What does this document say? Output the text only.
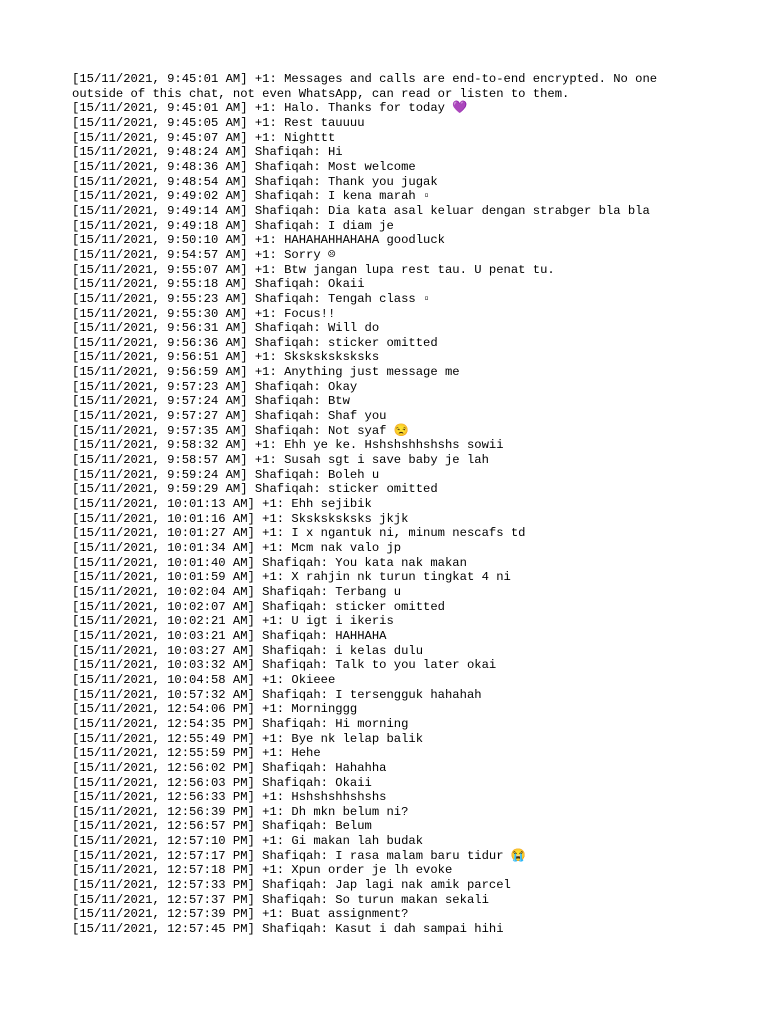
[15/11/2021, 9:45:01 AM] +1: Messages and calls are end-to-end encrypted. No one outside of this chat, not even WhatsApp, can read or listen to them.
[15/11/2021, 9:45:01 AM] +1: Halo. Thanks for today 💜
[15/11/2021, 9:45:05 AM] +1: Rest tauuuu
[15/11/2021, 9:45:07 AM] +1: Nighttt
[15/11/2021, 9:48:24 AM] Shafiqah: Hi
[15/11/2021, 9:48:36 AM] Shafiqah: Most welcome
[15/11/2021, 9:48:54 AM] Shafiqah: Thank you jugak
[15/11/2021, 9:49:02 AM] Shafiqah: I kena marah ▫
[15/11/2021, 9:49:14 AM] Shafiqah: Dia kata asal keluar dengan strabger bla bla
[15/11/2021, 9:49:18 AM] Shafiqah: I diam je
[15/11/2021, 9:50:10 AM] +1: HAHAHAHHAHAHA goodluck
[15/11/2021, 9:54:57 AM] +1: Sorry ☹
[15/11/2021, 9:55:07 AM] +1: Btw jangan lupa rest tau. U penat tu.
[15/11/2021, 9:55:18 AM] Shafiqah: Okaii
[15/11/2021, 9:55:23 AM] Shafiqah: Tengah class ▫
[15/11/2021, 9:55:30 AM] +1: Focus!!
[15/11/2021, 9:56:31 AM] Shafiqah: Will do
[15/11/2021, 9:56:36 AM] Shafiqah: sticker omitted
[15/11/2021, 9:56:51 AM] +1: Sksksksksksks
[15/11/2021, 9:56:59 AM] +1: Anything just message me
[15/11/2021, 9:57:23 AM] Shafiqah: Okay
[15/11/2021, 9:57:24 AM] Shafiqah: Btw
[15/11/2021, 9:57:27 AM] Shafiqah: Shaf you
[15/11/2021, 9:57:35 AM] Shafiqah: Not syaf 😒
[15/11/2021, 9:58:32 AM] +1: Ehh ye ke. Hshshshhshshs sowii
[15/11/2021, 9:58:57 AM] +1: Susah sgt i save baby je lah
[15/11/2021, 9:59:24 AM] Shafiqah: Boleh u
[15/11/2021, 9:59:29 AM] Shafiqah: sticker omitted
[15/11/2021, 10:01:13 AM] +1: Ehh sejibik
[15/11/2021, 10:01:16 AM] +1: Sksksksksks jkjk
[15/11/2021, 10:01:27 AM] +1: I x ngantuk ni, minum nescafs td
[15/11/2021, 10:01:34 AM] +1: Mcm nak valo jp
[15/11/2021, 10:01:40 AM] Shafiqah: You kata nak makan
[15/11/2021, 10:01:59 AM] +1: X rahjin nk turun tingkat 4 ni
[15/11/2021, 10:02:04 AM] Shafiqah: Terbang u
[15/11/2021, 10:02:07 AM] Shafiqah: sticker omitted
[15/11/2021, 10:02:21 AM] +1: U igt i ikeris
[15/11/2021, 10:03:21 AM] Shafiqah: HAHHAHA
[15/11/2021, 10:03:27 AM] Shafiqah: i kelas dulu
[15/11/2021, 10:03:32 AM] Shafiqah: Talk to you later okai
[15/11/2021, 10:04:58 AM] +1: Okieee
[15/11/2021, 10:57:32 AM] Shafiqah: I tersengguk hahahah
[15/11/2021, 12:54:06 PM] +1: Morninggg
[15/11/2021, 12:54:35 PM] Shafiqah: Hi morning
[15/11/2021, 12:55:49 PM] +1: Bye nk lelap balik
[15/11/2021, 12:55:59 PM] +1: Hehe
[15/11/2021, 12:56:02 PM] Shafiqah: Hahahha
[15/11/2021, 12:56:03 PM] Shafiqah: Okaii
[15/11/2021, 12:56:33 PM] +1: Hshshshhshshs
[15/11/2021, 12:56:39 PM] +1: Dh mkn belum ni?
[15/11/2021, 12:56:57 PM] Shafiqah: Belum
[15/11/2021, 12:57:10 PM] +1: Gi makan lah budak
[15/11/2021, 12:57:17 PM] Shafiqah: I rasa malam baru tidur 😭
[15/11/2021, 12:57:18 PM] +1: Xpun order je lh evoke
[15/11/2021, 12:57:33 PM] Shafiqah: Jap lagi nak amik parcel
[15/11/2021, 12:57:37 PM] Shafiqah: So turun makan sekali
[15/11/2021, 12:57:39 PM] +1: Buat assignment?
[15/11/2021, 12:57:45 PM] Shafiqah: Kasut i dah sampai hihi
